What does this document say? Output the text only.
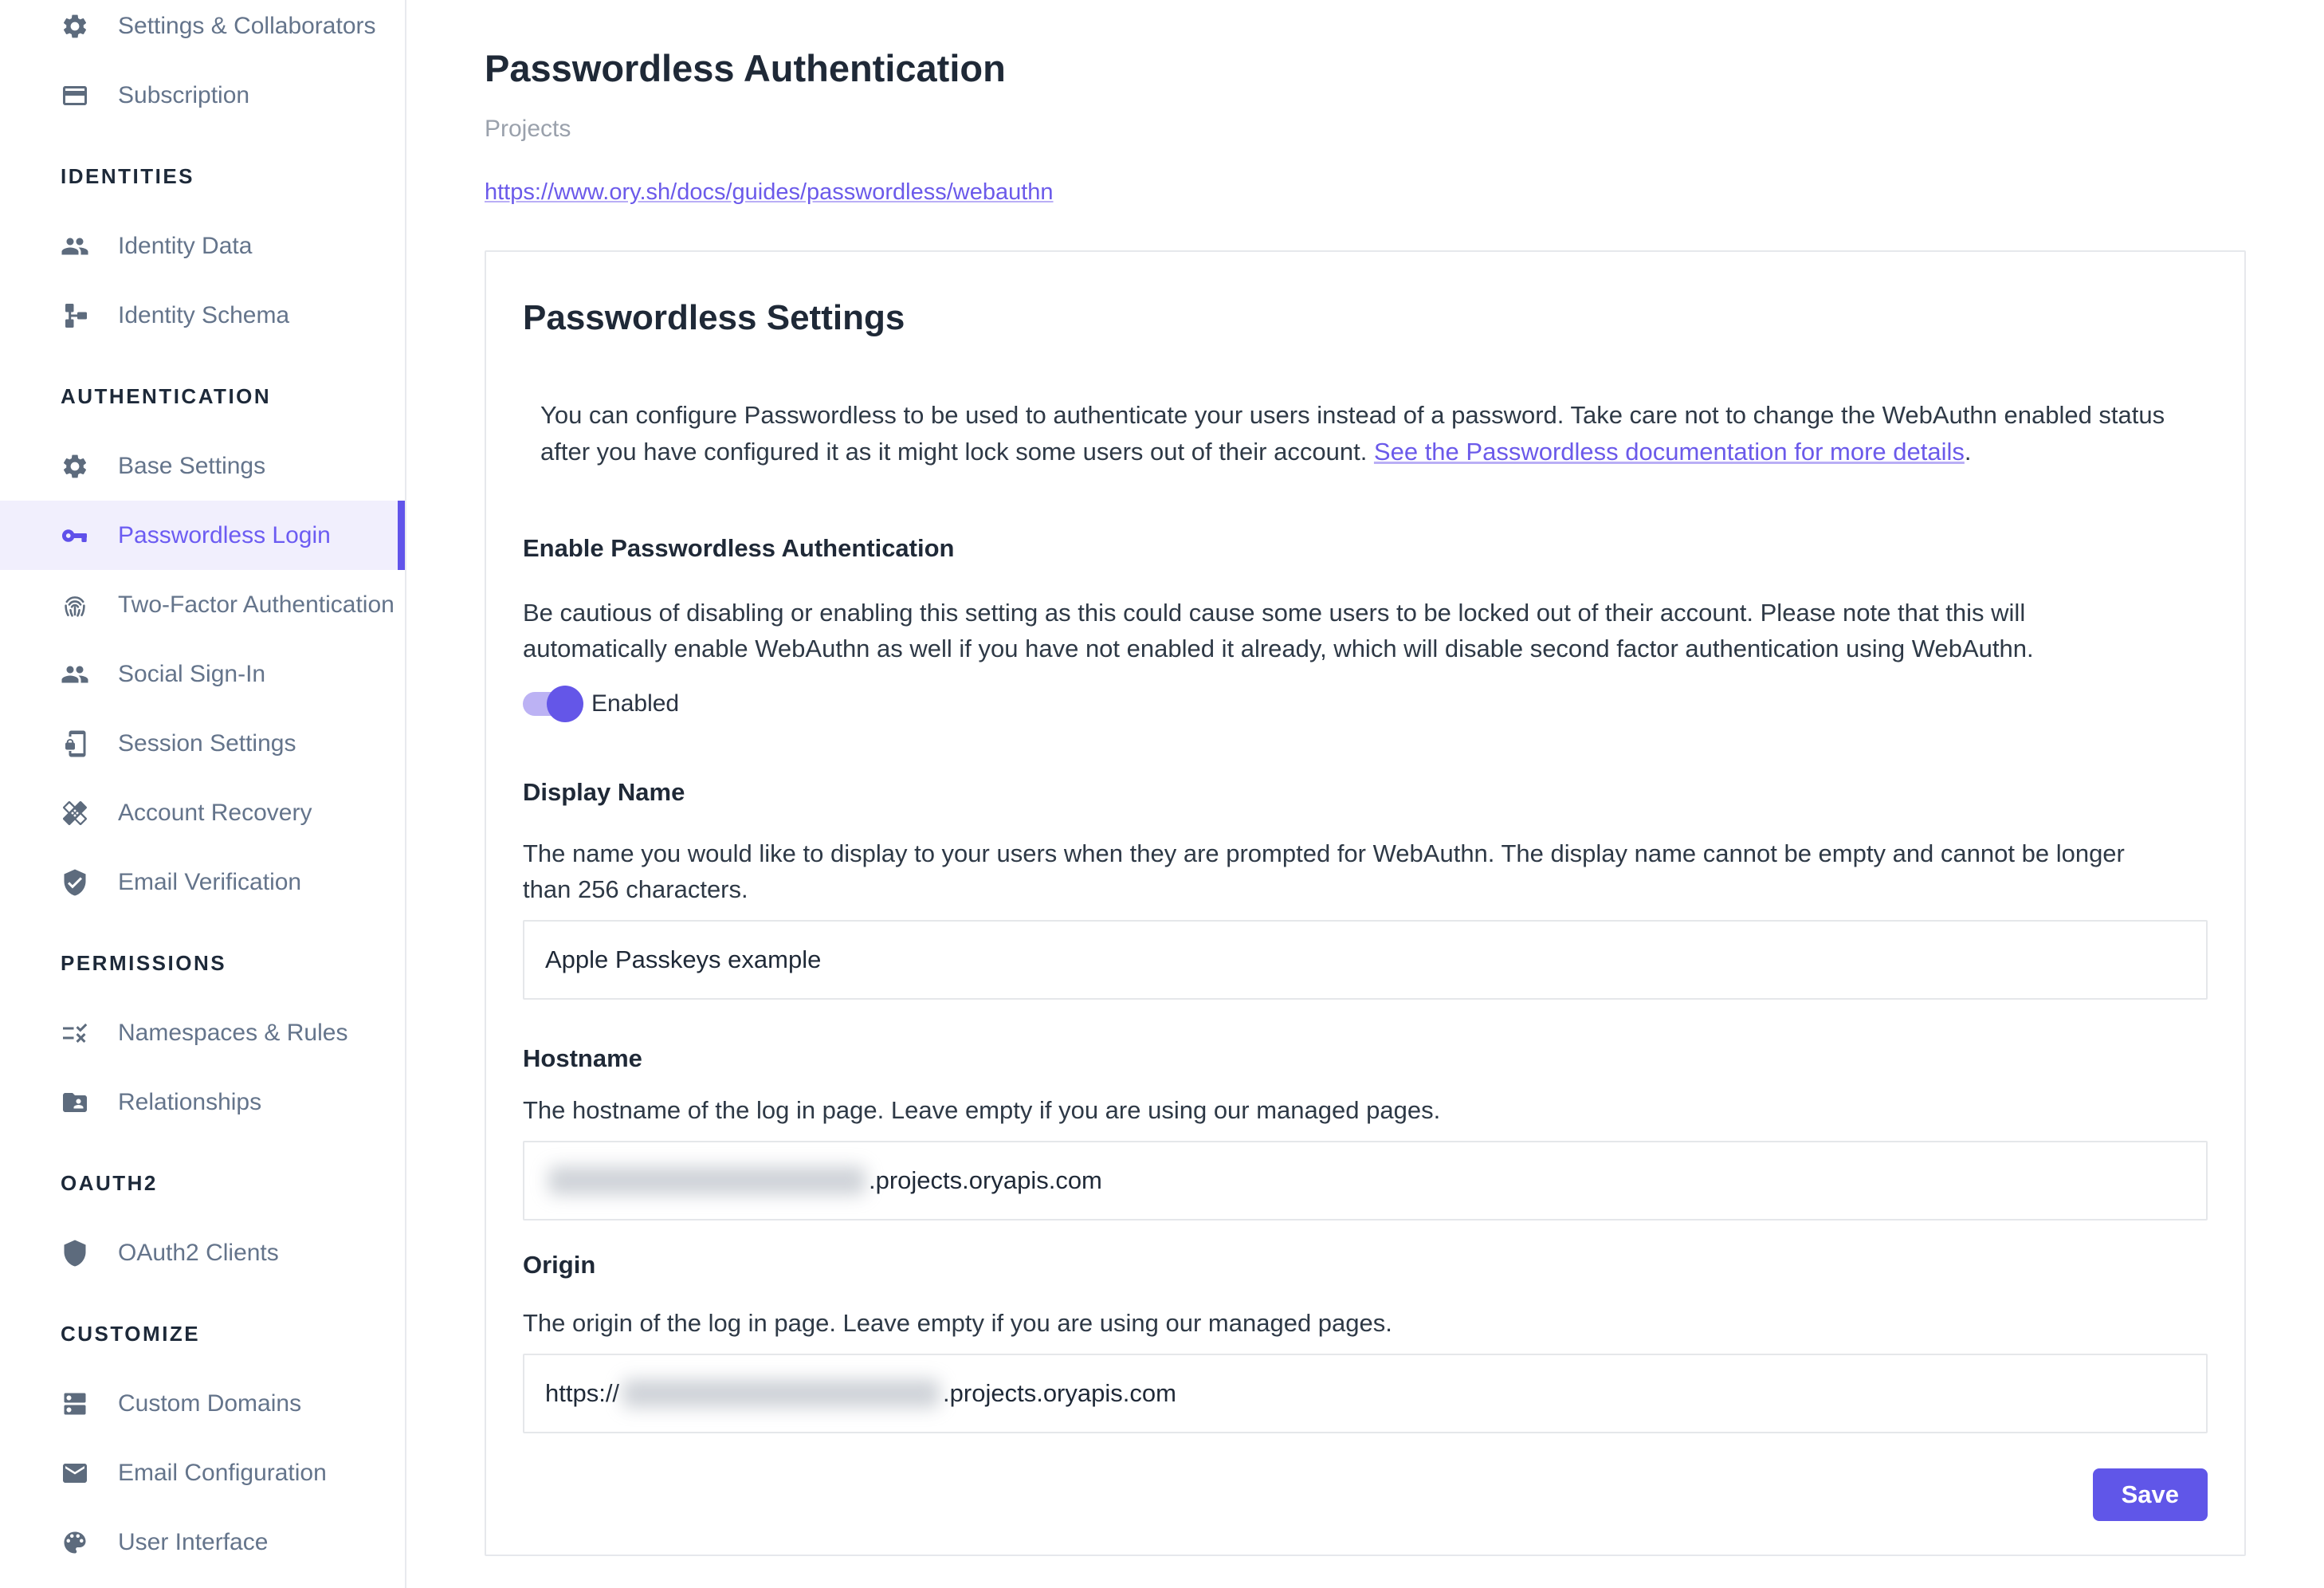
Settings & Collaborators
Subscription
IDENTITIES
Identity Data
Identity Schema
AUTHENTICATION
Base Settings
Passwordless Login
Two-Factor Authentication
Social Sign-In
Session Settings
Account Recovery
Email Verification
PERMISSIONS
Namespaces & Rules
Relationships
OAUTH2
OAuth2 Clients
CUSTOMIZE
Custom Domains
Email Configuration
User Interface
Passwordless Authentication
Projects
https://www.ory.sh/docs/guides/passwordless/webauthn
Passwordless Settings
You can configure Passwordless to be used to authenticate your users instead of a password. Take care not to change the WebAuthn enabled status after you have configured it as it might lock some users out of their account. See the Passwordless documentation for more details.
Enable Passwordless Authentication
Be cautious of disabling or enabling this setting as this could cause some users to be locked out of their account. Please note that this will automatically enable WebAuthn as well if you have not enabled it already, which will disable second factor authentication using WebAuthn.
Enabled
Display Name
The name you would like to display to your users when they are prompted for WebAuthn. The display name cannot be empty and cannot be longer than 256 characters.
Apple Passkeys example
Hostname
The hostname of the log in page. Leave empty if you are using our managed pages.
.projects.oryapis.com
Origin
The origin of the log in page. Leave empty if you are using our managed pages.
https://	.projects.oryapis.com
Save
